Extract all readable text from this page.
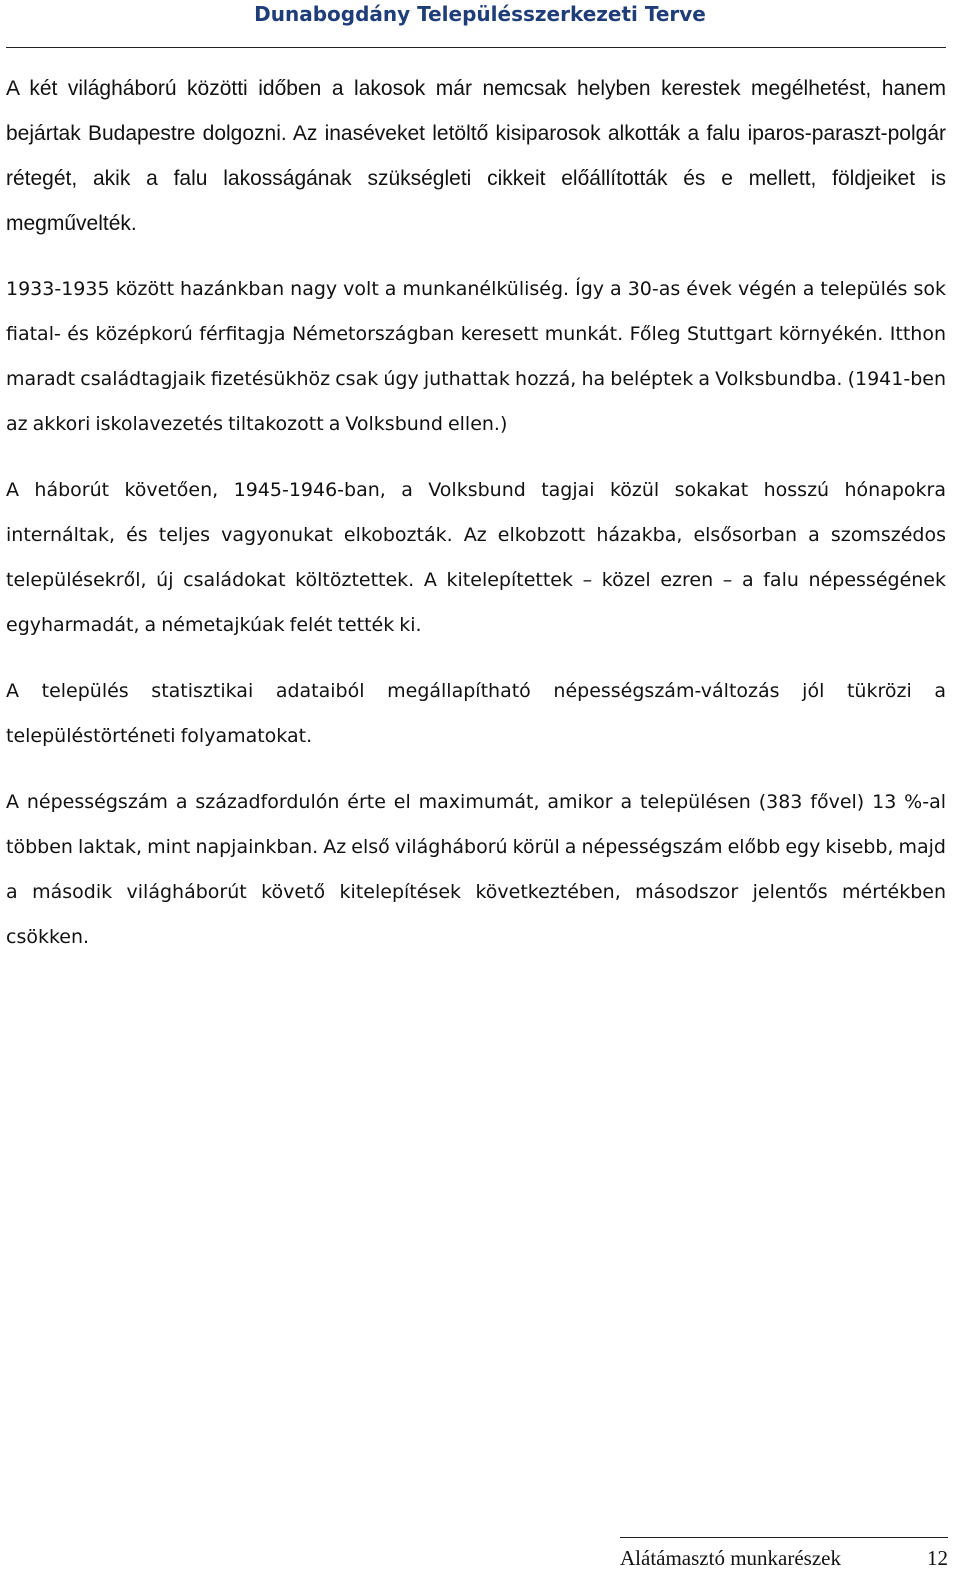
Dunabogdány Településszerkezeti Terve

A két világháború közötti időben a lakosok már nemcsak helyben kerestek megélhetést, hanem bejártak Budapestre dolgozni. Az inaséveket letöltő kisiparosok alkották a falu iparos-paraszt-polgár rétegét, akik a falu lakosságának szükségleti cikkeit előállították és e mellett, földjeiket is megművelték.

1933-1935 között hazánkban nagy volt a munkanélküliség. Így a 30-as évek végén a település sok fiatal- és középkorú férfitagja Németországban keresett munkát. Főleg Stuttgart környékén. Itthon maradt családtagjaik fizetésükhöz csak úgy juthattak hozzá, ha beléptek a Volksbundba. (1941-ben az akkori iskolavezetés tiltakozott a Volksbund ellen.)

A háborút követően, 1945-1946-ban, a Volksbund tagjai közül sokakat hosszú hónapokra internáltak, és teljes vagyonukat elkobozták. Az elkobzott házakba, elsősorban a szomszédos településekről, új családokat költöztettek. A kitelepítettek – közel ezren – a falu népességének egyharmadát, a németajkúak felét tették ki.

A település statisztikai adataiból megállapítható népességszám-változás jól tükrözi a településtörténeti folyamatokat.

A népességszám a századfordulón érte el maximumát, amikor a településen (383 fővel) 13 %-al többen laktak, mint napjainkban. Az első világháború körül a népességszám előbb egy kisebb, majd a második világháborút követő kitelepítések következtében, másodszor jelentős mértékben csökken.

Alátámasztó munkarészek	12
